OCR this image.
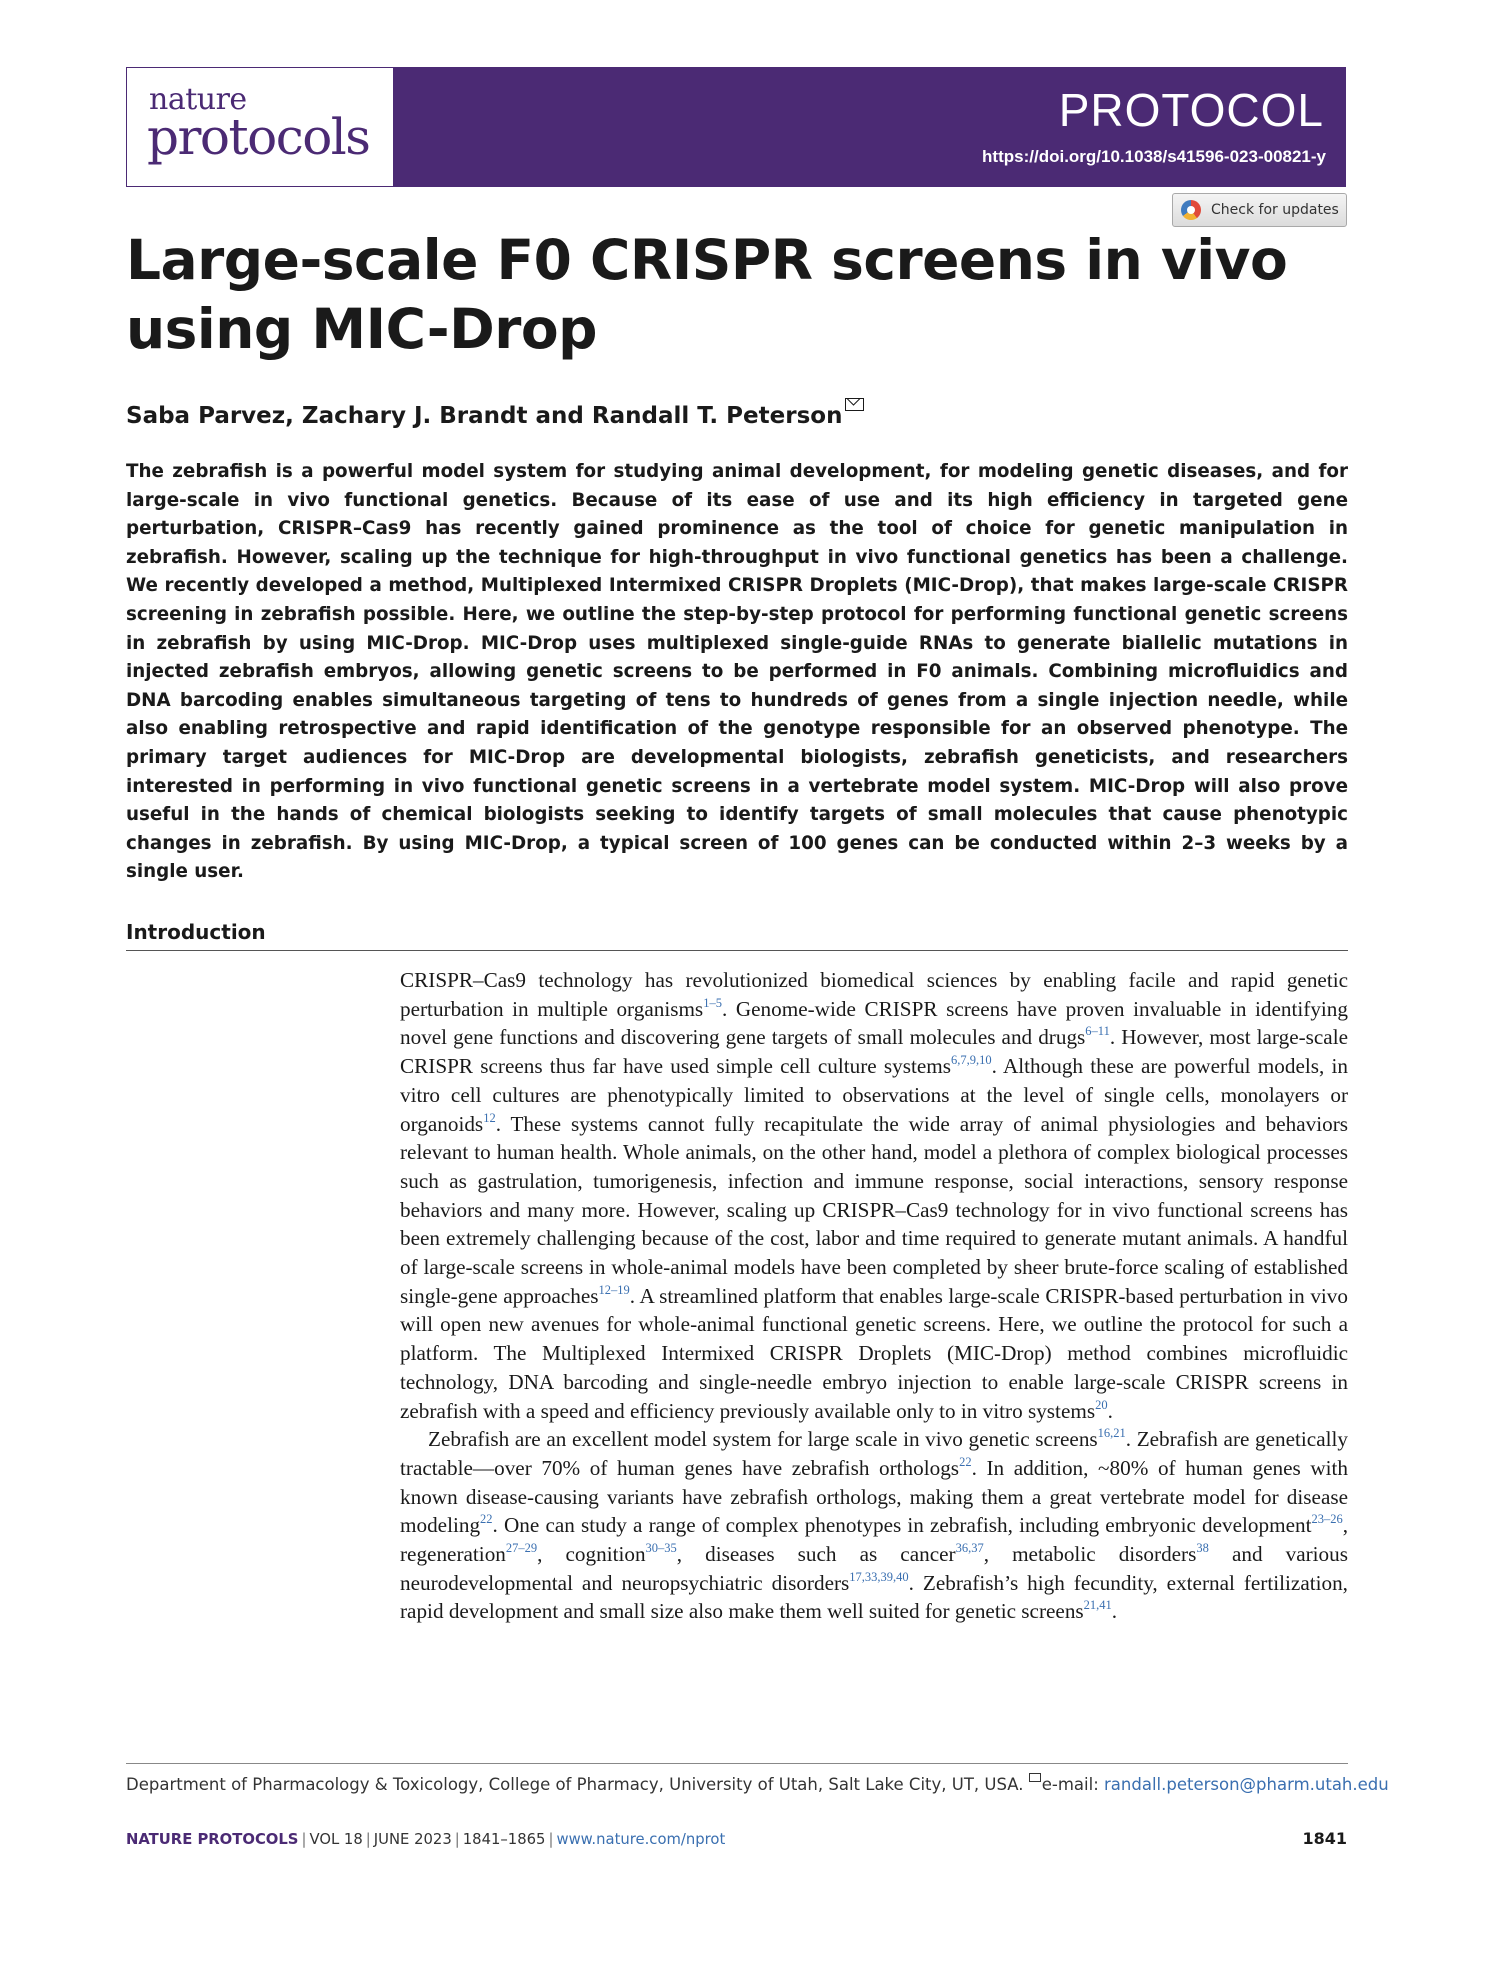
nature
protocols	PROTOCOL
https://doi.org/10.1038/s41596-023-00821-y
Check for updates
Large-scale F0 CRISPR screens in vivo using MIC-Drop
Saba Parvez, Zachary J. Brandt and Randall T. Peterson

The zebrafish is a powerful model system for studying animal development, for modeling genetic diseases, and for large-scale in vivo functional genetics. Because of its ease of use and its high efficiency in targeted gene perturbation, CRISPR–Cas9 has recently gained prominence as the tool of choice for genetic manipulation in zebrafish. However, scaling up the technique for high-throughput in vivo functional genetics has been a challenge. We recently developed a method, Multiplexed Intermixed CRISPR Droplets (MIC-Drop), that makes large-scale CRISPR screening in zebrafish possible. Here, we outline the step-by-step protocol for performing functional genetic screens in zebrafish by using MIC-Drop. MIC-Drop uses multiplexed single-guide RNAs to generate biallelic mutations in injected zebrafish embryos, allowing genetic screens to be performed in F0 animals. Combining microfluidics and DNA barcoding enables simultaneous targeting of tens to hundreds of genes from a single injection needle, while also enabling retrospective and rapid identification of the genotype responsible for an observed phenotype. The primary target audiences for MIC-Drop are developmental biologists, zebrafish geneticists, and researchers interested in performing in vivo functional genetic screens in a vertebrate model system. MIC-Drop will also prove useful in the hands of chemical biologists seeking to identify targets of small molecules that cause phenotypic changes in zebrafish. By using MIC-Drop, a typical screen of 100 genes can be conducted within 2–3 weeks by a single user.

Introduction

CRISPR–Cas9 technology has revolutionized biomedical sciences by enabling facile and rapid genetic perturbation in multiple organisms$^{1-5}$. Genome-wide CRISPR screens have proven invaluable in identifying novel gene functions and discovering gene targets of small molecules and drugs$^{6-11}$. However, most large-scale CRISPR screens thus far have used simple cell culture systems$^{6,7,9,10}$. Although these are powerful models, in vitro cell cultures are phenotypically limited to observations at the level of single cells, monolayers or organoids$^{12}$. These systems cannot fully recapitulate the wide array of animal physiologies and behaviors relevant to human health. Whole animals, on the other hand, model a plethora of complex biological processes such as gastrulation, tumorigenesis, infection and immune response, social interactions, sensory response behaviors and many more. However, scaling up CRISPR–Cas9 technology for in vivo functional screens has been extremely challenging because of the cost, labor and time required to generate mutant animals. A handful of large-scale screens in whole-animal models have been completed by sheer brute-force scaling of established single-gene approaches$^{12-19}$. A streamlined platform that enables large-scale CRISPR-based perturbation in vivo will open new avenues for whole-animal functional genetic screens. Here, we outline the protocol for such a platform. The Multiplexed Intermixed CRISPR Droplets (MIC-Drop) method combines microfluidic technology, DNA barcoding and single-needle embryo injection to enable large-scale CRISPR screens in zebrafish with a speed and efficiency previously available only to in vitro systems$^{20}$.

Zebrafish are an excellent model system for large scale in vivo genetic screens$^{16,21}$. Zebrafish are genetically tractable—over 70% of human genes have zebrafish orthologs$^{22}$. In addition, ~80% of human genes with known disease-causing variants have zebrafish orthologs, making them a great vertebrate model for disease modeling$^{22}$. One can study a range of complex phenotypes in zebrafish, including embryonic development$^{23-26}$, regeneration$^{27-29}$, cognition$^{30-35}$, diseases such as cancer$^{36,37}$, metabolic disorders$^{38}$ and various neurodevelopmental and neuropsychiatric disorders$^{17,33,39,40}$. Zebrafish’s high fecundity, external fertilization, rapid development and small size also make them well suited for genetic screens$^{21,41}$.

Department of Pharmacology & Toxicology, College of Pharmacy, University of Utah, Salt Lake City, UT, USA. e-mail: randall.peterson@pharm.utah.edu
NATURE PROTOCOLS | VOL 18 | JUNE 2023 | 1841–1865 | www.nature.com/nprot	1841
